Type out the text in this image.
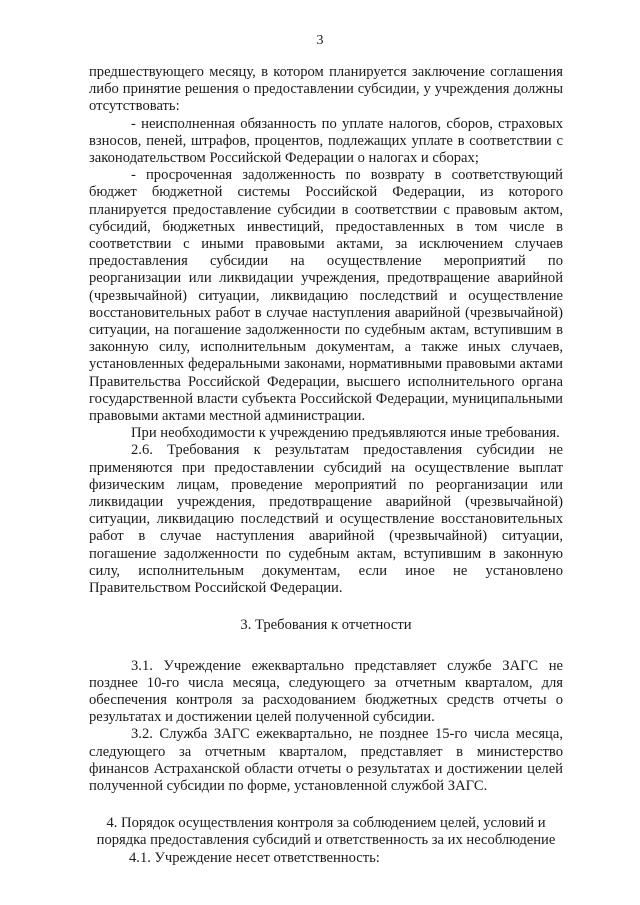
3

предшествующего месяцу, в котором планируется заключение соглашения либо принятие решения о предоставлении субсидии, у учреждения должны отсутствовать:

- неисполненная обязанность по уплате налогов, сборов, страховых взносов, пеней, штрафов, процентов, подлежащих уплате в соответствии с законодательством Российской Федерации о налогах и сборах;

- просроченная задолженность по возврату в соответствующий бюджет бюджетной системы Российской Федерации, из которого планируется предоставление субсидии в соответствии с правовым актом, субсидий, бюджетных инвестиций, предоставленных в том числе в соответствии с иными правовыми актами, за исключением случаев предоставления субсидии на осуществление мероприятий по реорганизации или ликвидации учреждения, предотвращение аварийной (чрезвычайной) ситуации, ликвидацию последствий и осуществление восстановительных работ в случае наступления аварийной (чрезвычайной) ситуации, на погашение задолженности по судебным актам, вступившим в законную силу, исполнительным документам, а также иных случаев, установленных федеральными законами, нормативными правовыми актами Правительства Российской Федерации, высшего исполнительного органа государственной власти субъекта Российской Федерации, муниципальными правовыми актами местной администрации.

При необходимости к учреждению предъявляются иные требования.

2.6. Требования к результатам предоставления субсидии не применяются при предоставлении субсидий на осуществление выплат физическим лицам, проведение мероприятий по реорганизации или ликвидации учреждения, предотвращение аварийной (чрезвычайной) ситуации, ликвидацию последствий и осуществление восстановительных работ в случае наступления аварийной (чрезвычайной) ситуации, погашение задолженности по судебным актам, вступившим в законную силу, исполнительным документам, если иное не установлено Правительством Российской Федерации.

3. Требования к отчетности

3.1. Учреждение ежеквартально представляет службе ЗАГС не позднее 10-го числа месяца, следующего за отчетным кварталом, для обеспечения контроля за расходованием бюджетных средств отчеты о результатах и достижении целей полученной субсидии.

3.2. Служба ЗАГС ежеквартально, не позднее 15-го числа месяца, следующего за отчетным кварталом, представляет в министерство финансов Астраханской области отчеты о результатах и достижении целей полученной субсидии по форме, установленной службой ЗАГС.

4. Порядок осуществления контроля за соблюдением целей, условий и порядка предоставления субсидий и ответственность за их несоблюдение

4.1. Учреждение несет ответственность:
